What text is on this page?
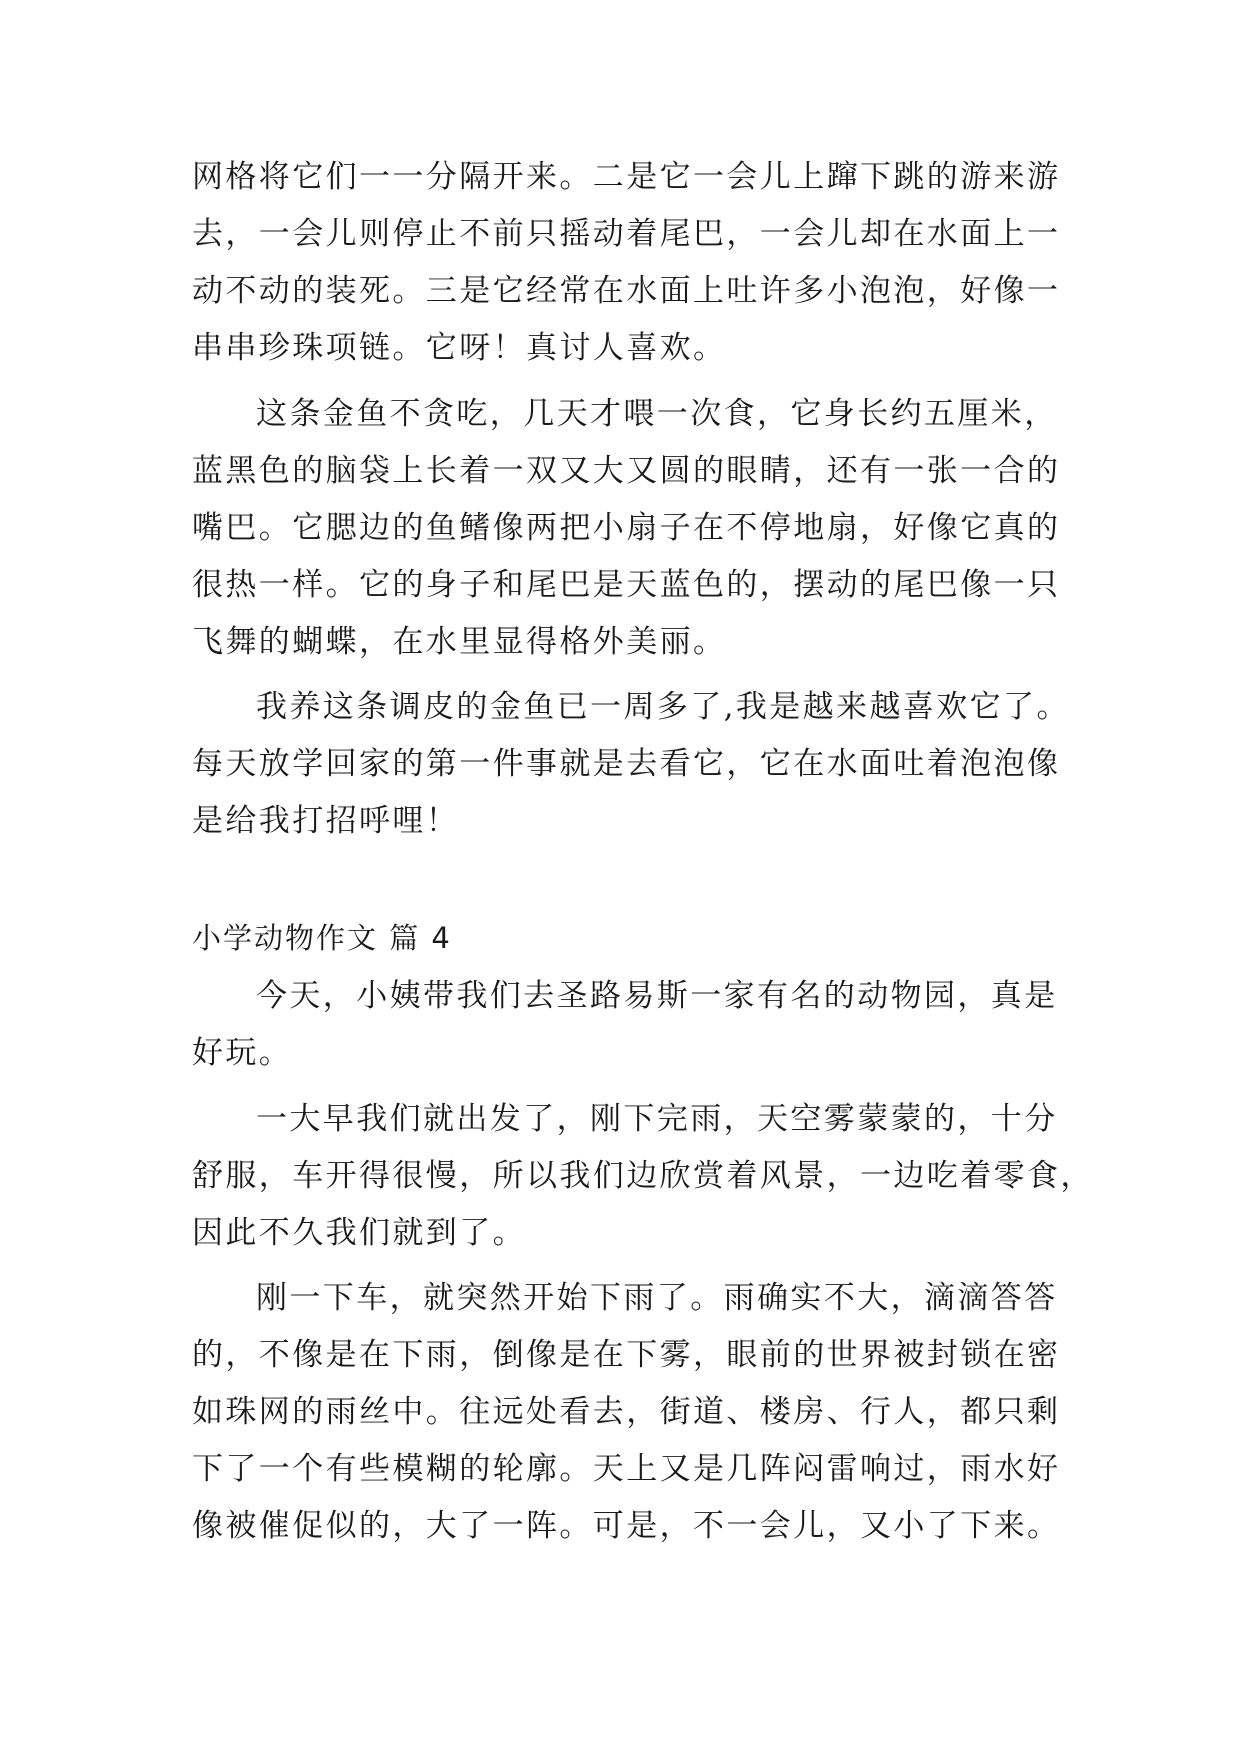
网格将它们一一分隔开来。二是它一会儿上蹿下跳的游来游
去，一会儿则停止不前只摇动着尾巴，一会儿却在水面上一
动不动的装死。三是它经常在水面上吐许多小泡泡，好像一
串串珍珠项链。它呀！真讨人喜欢。
这条金鱼不贪吃，几天才喂一次食，它身长约五厘米，
蓝黑色的脑袋上长着一双又大又圆的眼睛，还有一张一合的
嘴巴。它腮边的鱼鳍像两把小扇子在不停地扇，好像它真的
很热一样。它的身子和尾巴是天蓝色的，摆动的尾巴像一只
飞舞的蝴蝶，在水里显得格外美丽。
我养这条调皮的金鱼已一周多了,我是越来越喜欢它了。
每天放学回家的第一件事就是去看它，它在水面吐着泡泡像
是给我打招呼哩！
小学动物作文 篇 4
今天，小姨带我们去圣路易斯一家有名的动物园，真是
好玩。
一大早我们就出发了，刚下完雨，天空雾蒙蒙的，十分
舒服，车开得很慢，所以我们边欣赏着风景，一边吃着零食，
因此不久我们就到了。
刚一下车，就突然开始下雨了。雨确实不大，滴滴答答
的，不像是在下雨，倒像是在下雾，眼前的世界被封锁在密
如珠网的雨丝中。往远处看去，街道、楼房、行人，都只剩
下了一个有些模糊的轮廓。天上又是几阵闷雷响过，雨水好
像被催促似的，大了一阵。可是，不一会儿，又小了下来。
